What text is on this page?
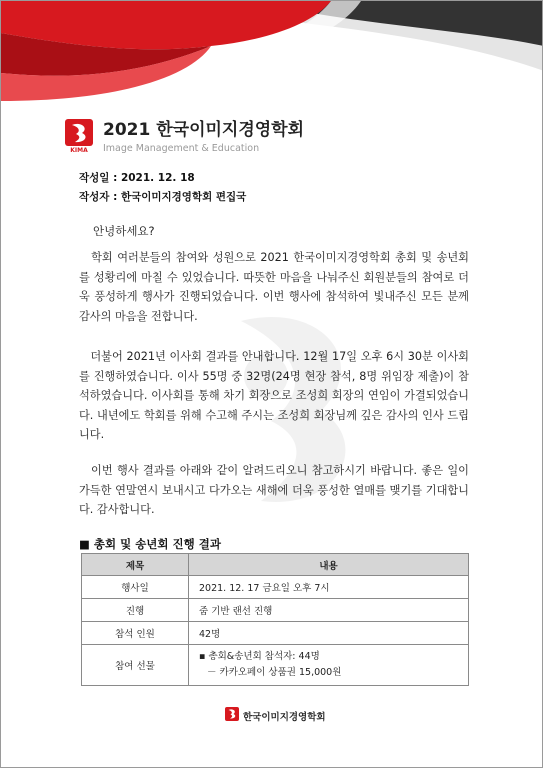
KIMA
2021 한국이미지경영학회
Image Management & Education
작성일 : 2021. 12. 18
작성자 : 한국이미지경영학회 편집국
안녕하세요?
　학회 여러분들의 참여와 성원으로 2021 한국이미지경영학회 총회 및 송년회를 성황리에 마칠 수 있었습니다. 따뜻한 마음을 나눠주신 회원분들의 참여로 더욱 풍성하게 행사가 진행되었습니다. 이번 행사에 참석하여 빛내주신 모든 분께 감사의 마음을 전합니다.
　더불어 2021년 이사회 결과를 안내합니다. 12월 17일 오후 6시 30분 이사회를 진행하였습니다. 이사 55명 중 32명(24명 현장 참석, 8명 위임장 제출)이 참석하였습니다. 이사회를 통해 차기 회장으로 조성희 회장의 연임이 가결되었습니다. 내년에도 학회를 위해 수고해 주시는 조성희 회장님께 깊은 감사의 인사 드립니다.
　이번 행사 결과를 아래와 같이 알려드리오니 참고하시기 바랍니다. 좋은 일이 가득한 연말연시 보내시고 다가오는 새해에 더욱 풍성한 열매를 맺기를 기대합니다. 감사합니다.
■ 총회 및 송년회 진행 결과
제목	내용
행사일	2021. 12. 17 금요일 오후 7시
진행	줌 기반 랜선 진행
참석 인원	42명
참여 선물	▪ 총회&송년회 참석자: 44명
－ 카카오페이 상품권 15,000원
한국이미지경영학회
